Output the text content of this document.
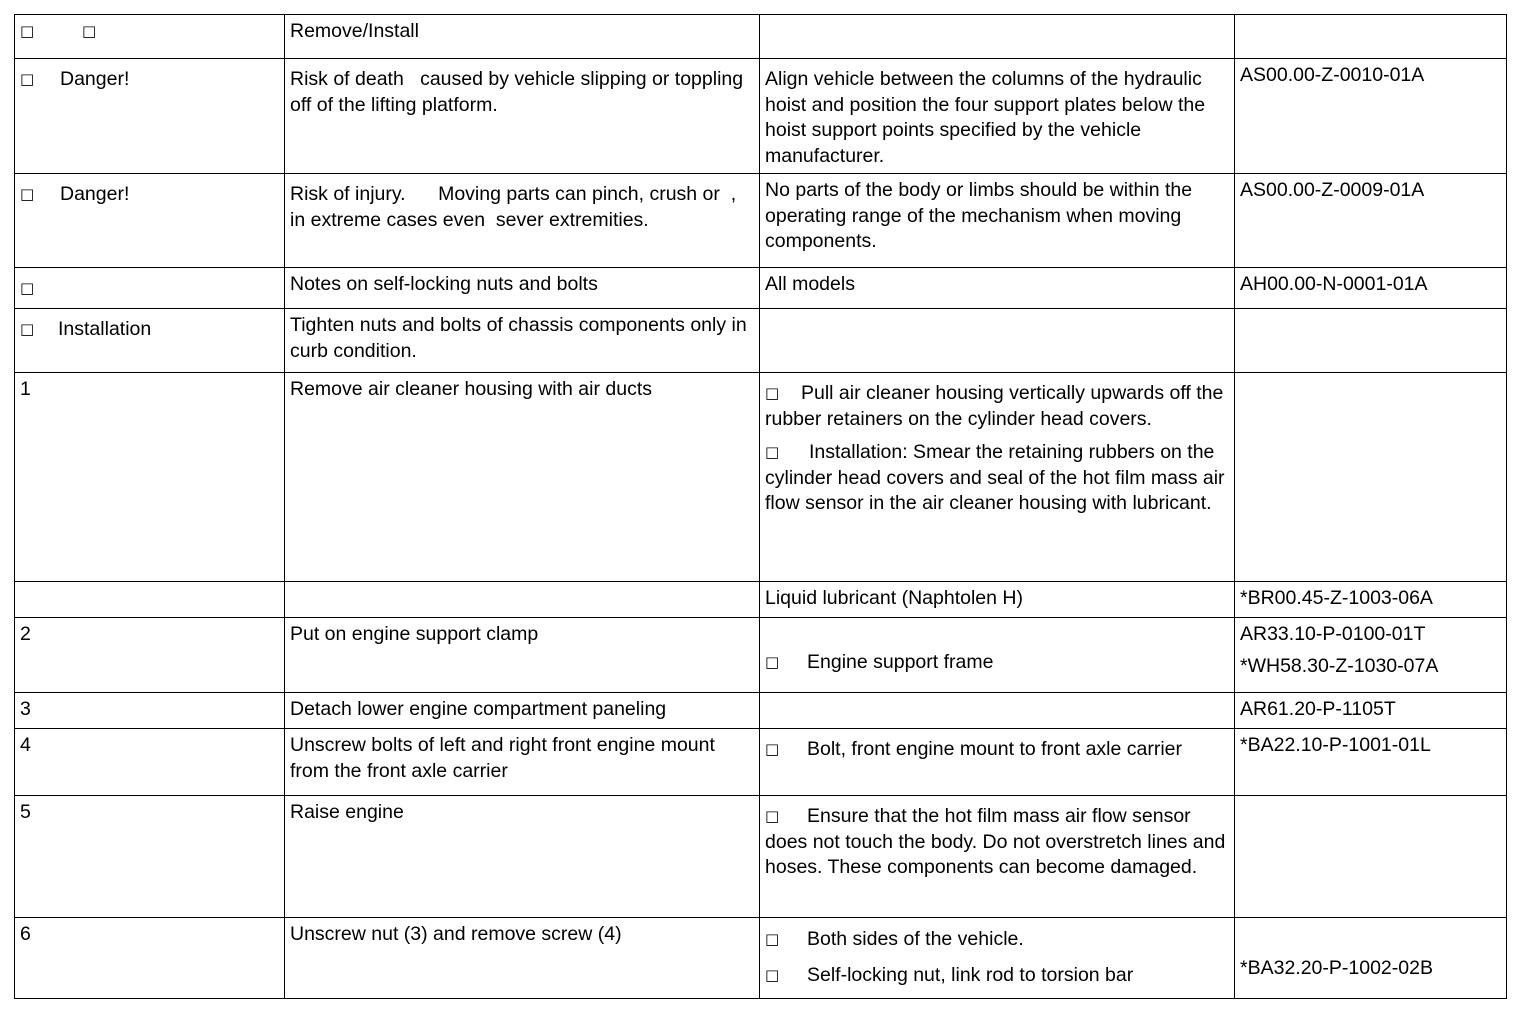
□ □	Remove/Install		
□ Danger!	Risk of death   caused by vehicle slipping or toppling off of the lifting platform.	Align vehicle between the columns of the hydraulic hoist and position the four support plates below the hoist support points specified by the vehicle manufacturer.	AS00.00-Z-0010-01A
□ Danger!	Risk of injury.      Moving parts can pinch, crush or  , in extreme cases even  sever extremities.	No parts of the body or limbs should be within the operating range of the mechanism when moving components.	AS00.00-Z-0009-01A
□	Notes on self-locking nuts and bolts	All models	AH00.00-N-0001-01A
□ Installation	Tighten nuts and bolts of chassis components only in curb condition.		
1	Remove air cleaner housing with air ducts	□ Pull air cleaner housing vertically upwards off the rubber retainers on the cylinder head covers.
□ Installation: Smear the retaining rubbers on the cylinder head covers and seal of the hot film mass air flow sensor in the air cleaner housing with lubricant.	

		Liquid lubricant (Naphtolen H)	*BR00.45-Z-1003-06A
2	Put on engine support clamp	□ Engine support frame	AR33.10-P-0100-01T
*WH58.30-Z-1030-07A

3	Detach lower engine compartment paneling		AR61.20-P-1105T
4	Unscrew bolts of left and right front engine mount from the front axle carrier	□ Bolt, front engine mount to front axle carrier	*BA22.10-P-1001-01L
5	Raise engine	□ Ensure that the hot film mass air flow sensor does not touch the body. Do not overstretch lines and hoses. These components can become damaged.	
6	Unscrew nut (3) and remove screw (4)	□ Both sides of the vehicle.
□ Self-locking nut, link rod to torsion bar	*BA32.20-P-1002-02B
